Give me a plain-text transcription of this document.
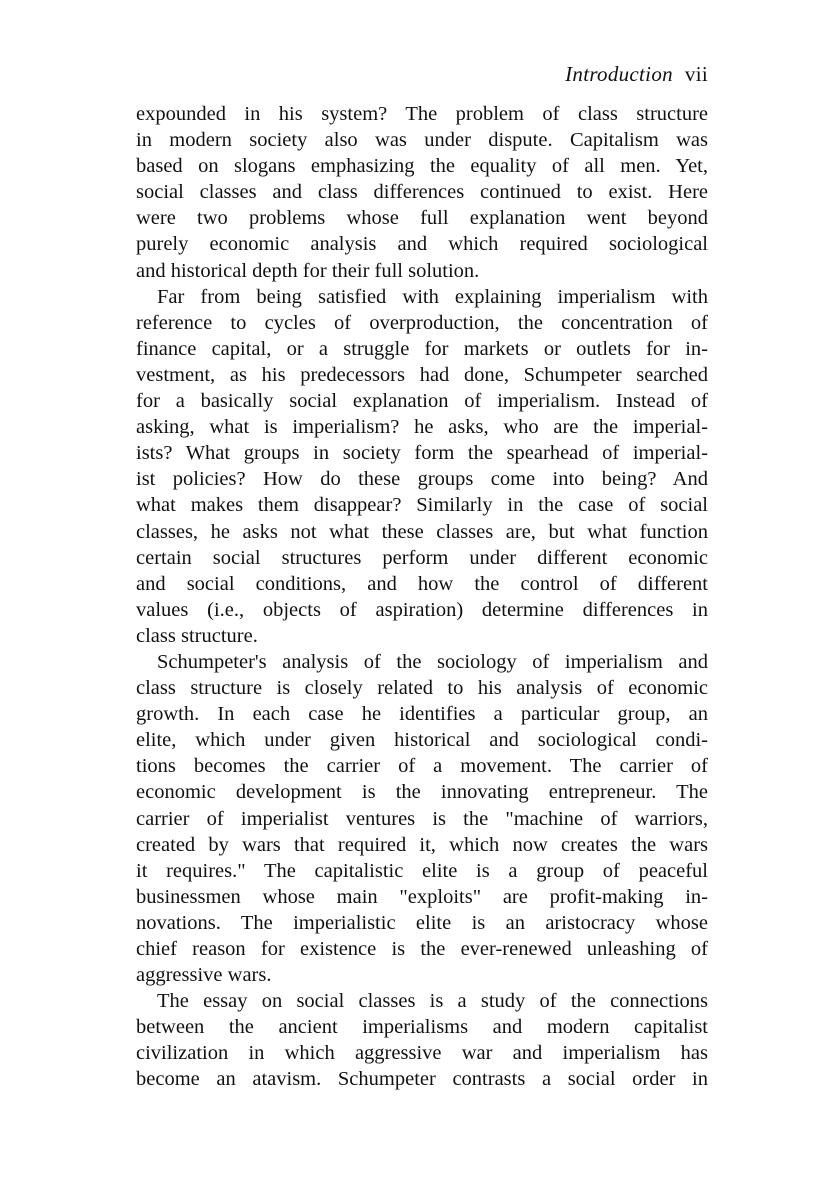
Introduction vii
expounded in his system? The problem of class structure
in modern society also was under dispute. Capitalism was
based on slogans emphasizing the equality of all men. Yet,
social classes and class differences continued to exist. Here
were two problems whose full explanation went beyond
purely economic analysis and which required sociological
and historical depth for their full solution.
Far from being satisfied with explaining imperialism with
reference to cycles of overproduction, the concentration of
finance capital, or a struggle for markets or outlets for in-
vestment, as his predecessors had done, Schumpeter searched
for a basically social explanation of imperialism. Instead of
asking, what is imperialism? he asks, who are the imperial-
ists? What groups in society form the spearhead of imperial-
ist policies? How do these groups come into being? And
what makes them disappear? Similarly in the case of social
classes, he asks not what these classes are, but what function
certain social structures perform under different economic
and social conditions, and how the control of different
values (i.e., objects of aspiration) determine differences in
class structure.
Schumpeter's analysis of the sociology of imperialism and
class structure is closely related to his analysis of economic
growth. In each case he identifies a particular group, an
elite, which under given historical and sociological condi-
tions becomes the carrier of a movement. The carrier of
economic development is the innovating entrepreneur. The
carrier of imperialist ventures is the "machine of warriors,
created by wars that required it, which now creates the wars
it requires." The capitalistic elite is a group of peaceful
businessmen whose main "exploits" are profit-making in-
novations. The imperialistic elite is an aristocracy whose
chief reason for existence is the ever-renewed unleashing of
aggressive wars.
The essay on social classes is a study of the connections
between the ancient imperialisms and modern capitalist
civilization in which aggressive war and imperialism has
become an atavism. Schumpeter contrasts a social order in
